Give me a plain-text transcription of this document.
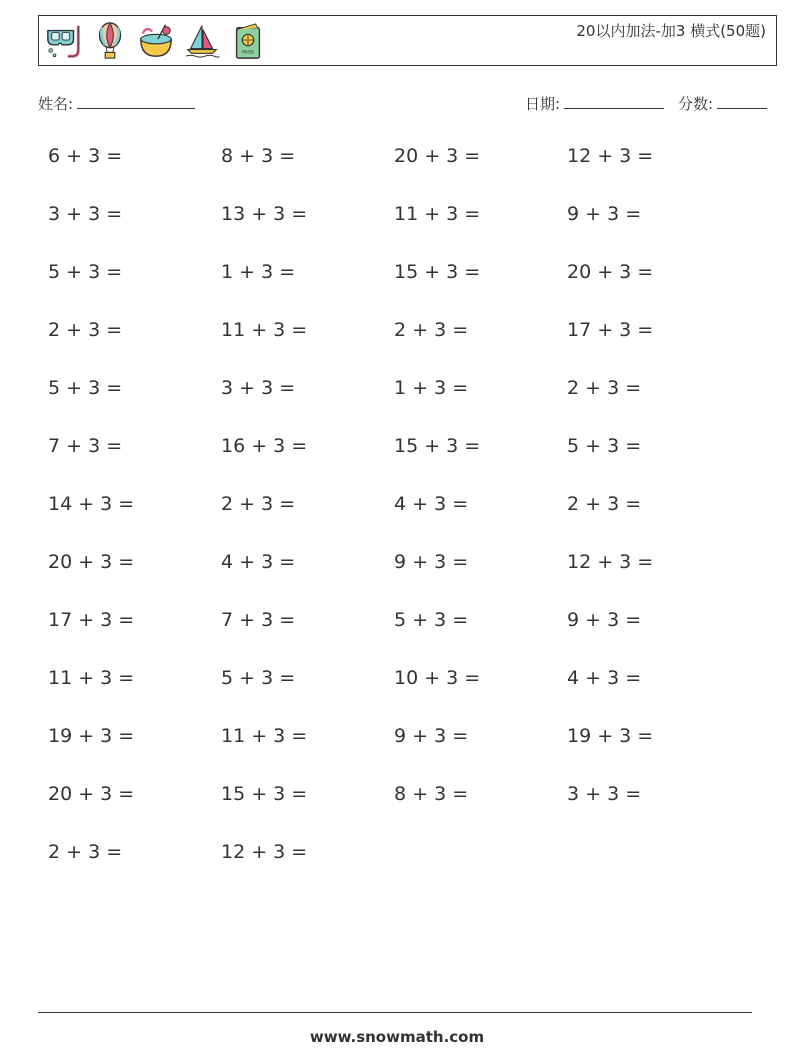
PASS
20以内加法-加3 横式(50题)
姓名:	日期:	分数:
6 + 3 =	8 + 3 =	20 + 3 =	12 + 3 =
3 + 3 =	13 + 3 =	11 + 3 =	9 + 3 =
5 + 3 =	1 + 3 =	15 + 3 =	20 + 3 =
2 + 3 =	11 + 3 =	2 + 3 =	17 + 3 =
5 + 3 =	3 + 3 =	1 + 3 =	2 + 3 =
7 + 3 =	16 + 3 =	15 + 3 =	5 + 3 =
14 + 3 =	2 + 3 =	4 + 3 =	2 + 3 =
20 + 3 =	4 + 3 =	9 + 3 =	12 + 3 =
17 + 3 =	7 + 3 =	5 + 3 =	9 + 3 =
11 + 3 =	5 + 3 =	10 + 3 =	4 + 3 =
19 + 3 =	11 + 3 =	9 + 3 =	19 + 3 =
20 + 3 =	15 + 3 =	8 + 3 =	3 + 3 =
2 + 3 =	12 + 3 =
www.snowmath.com
